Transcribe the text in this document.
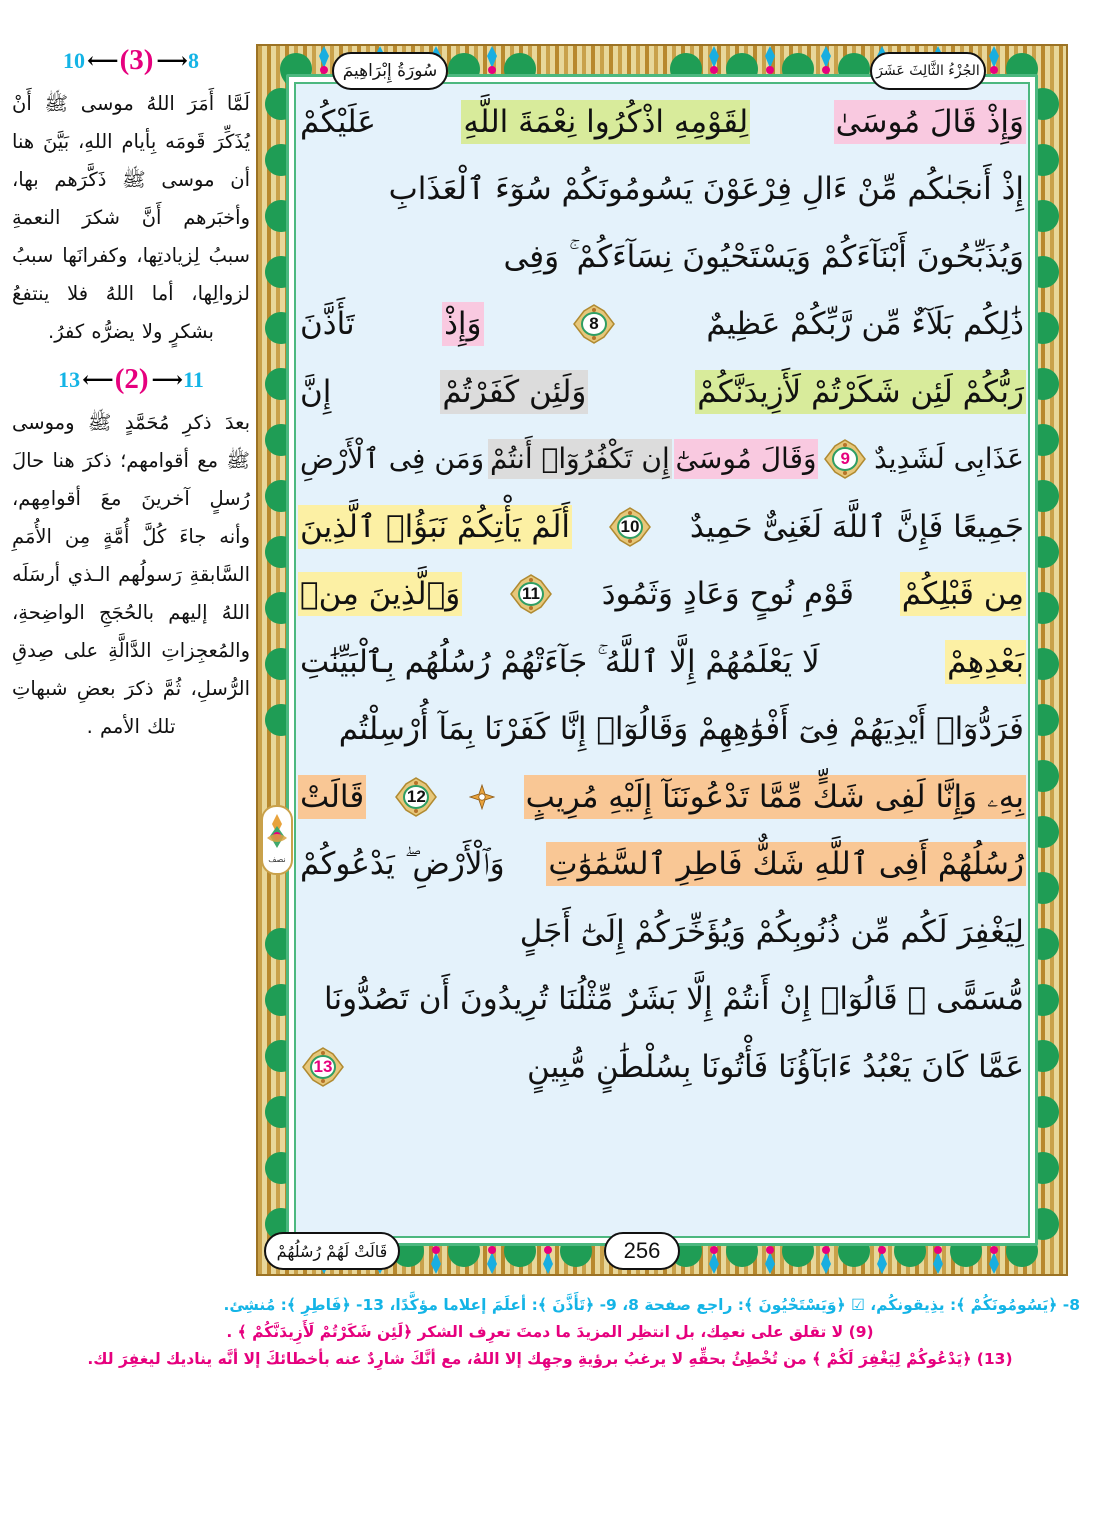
10 ⟵ (3) ⟶ 8
لَمَّا أَمَرَ اللهُ موسى ﷺ أَنْ يُذَكِّرَ قَومَه بِأيام اللهِ، بَيَّنَ هنا أن موسى ﷺ ذَكَّرَهم بها، وأخبَرهم أَنَّ شكرَ النعمةِ سببُ لِزيادتِها، وكفرانَها سببُ لزوالِها، أما اللهُ فلا ينتفعُ بشكرٍ ولا يضرُّه كفرُ.
13 ⟵ (2) ⟶ 11
بعدَ ذكرِ مُحَمَّدٍ ﷺ وموسى ﷺ مع أقوامهم؛ ذكرَ هنا حالَ رُسلٍ آخرينَ معَ أقوامِهم، وأنه جاءَ كُلَّ أُمَّةٍ مِن الأُمَمِ السَّابقةِ رَسولُهم الـذي أرسَلَه اللهُ إليهم بالحُجَجِ الواضِحةِ، والمُعجِزاتِ الدَّالَّةِ على صِدقِ الرُّسلِ، ثُمَّ ذكرَ بعضِ شبهاتِ تلك الأمم .
سُورَةُ إِبْرَاهِيمَ	الجُزْءُ الثَّالِثَ عَشَرَ
نصف
وَإِذْ قَالَ مُوسَىٰ
لِقَوْمِهِ اذْكُرُوا نِعْمَةَ اللَّهِ
عَلَيْكُمْ
إِذْ أَنجَىٰكُم مِّنْ ءَالِ فِرْعَوْنَ يَسُومُونَكُمْ سُوٓءَ ٱلْعَذَابِ
وَيُذَبِّحُونَ أَبْنَآءَكُمْ وَيَسْتَحْيُونَ نِسَآءَكُمْ ۚ وَفِى
ذَٰلِكُم بَلَآءٌ مِّن رَّبِّكُمْ عَظِيمٌ
8
وَإِذْ
تَأَذَّنَ
رَبُّكُمْ لَئِن شَكَرْتُمْ لَأَزِيدَنَّكُمْ
وَلَئِن كَفَرْتُمْ
إِنَّ
عَذَابِى لَشَدِيدٌ
9
وَقَالَ مُوسَىٰٓ
إِن تَكْفُرُوٓا۟ أَنتُمْ
وَمَن فِى ٱلْأَرْضِ
جَمِيعًا فَإِنَّ ٱللَّهَ لَغَنِىٌّ حَمِيدٌ
10
أَلَمْ يَأْتِكُمْ نَبَؤُا۟ ٱلَّذِينَ
مِن قَبْلِكُمْ
قَوْمِ نُوحٍ وَعَادٍ وَثَمُودَ
11
وَٱلَّذِينَ مِنۢ
بَعْدِهِمْ
لَا يَعْلَمُهُمْ إِلَّا ٱللَّهُ ۚ جَآءَتْهُمْ رُسُلُهُم بِٱلْبَيِّنَٰتِ
فَرَدُّوٓا۟ أَيْدِيَهُمْ فِىٓ أَفْوَٰهِهِمْ وَقَالُوٓا۟ إِنَّا كَفَرْنَا بِمَآ أُرْسِلْتُم
بِهِۦ وَإِنَّا لَفِى شَكٍّ مِّمَّا تَدْعُونَنَآ إِلَيْهِ مُرِيبٍ
12
قَالَتْ
رُسُلُهُمْ أَفِى ٱللَّهِ شَكٌّ فَاطِرِ ٱلسَّمَٰوَٰتِ
وَٱلْأَرْضِ ۖ يَدْعُوكُمْ
لِيَغْفِرَ لَكُم مِّن ذُنُوبِكُمْ وَيُؤَخِّرَكُمْ إِلَىٰٓ أَجَلٍ
مُّسَمًّى ۚ قَالُوٓا۟ إِنْ أَنتُمْ إِلَّا بَشَرٌ مِّثْلُنَا تُرِيدُونَ أَن تَصُدُّونَا
عَمَّا كَانَ يَعْبُدُ ءَابَآؤُنَا فَأْتُونَا بِسُلْطَٰنٍ مُّبِينٍ
13
256
قَالَتْ لَهُمْ رُسُلُهُمْ
8- ﴿يَسُومُونَكُمْ ﴾: يذِيقونكُم، ☑ ﴿وَيَسْتَحْيُونَ ﴾: راجع صفحة 8، 9- ﴿تَأَذَّنَ ﴾: أعلَمَ إعلاما مؤكَّدًا، 13- ﴿فَاطِرِ ﴾: مُنشِئ.
(9) لا تقلق على نعمِك، بل انتظِر المزيدَ ما دمتَ تعرِف الشكر ﴿لَئِن شَكَرْتُمْ لَأَزِيدَنَّكُمْ ﴾ .
(13) ﴿يَدْعُوكُمْ لِيَغْفِرَ لَكُمْ ﴾ من تُخْطِئُ بحقِّهِ لا يرغبُ برؤيةِ وجهِك إلا اللهُ، مع أنَّكَ شارِدٌ عنه بأخطائكَ إلا أنَّه يناديك ليغفِرَ لك.
